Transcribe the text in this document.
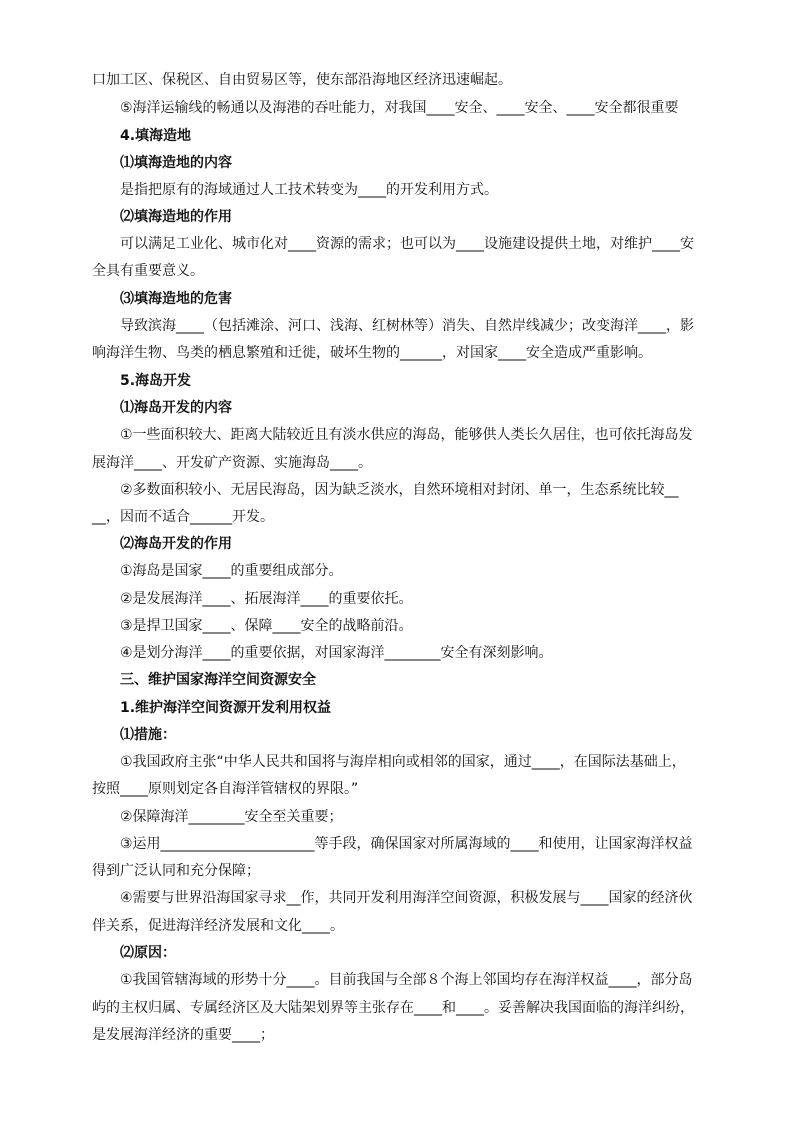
口加工区、保税区、自由贸易区等，使东部沿海地区经济迅速崛起。
⑤海洋运输线的畅通以及海港的吞吐能力，对我国____安全、____安全、____安全都很重要
4.填海造地
⑴填海造地的内容
是指把原有的海域通过人工技术转变为____的开发利用方式。
⑵填海造地的作用
可以满足工业化、城市化对____资源的需求；也可以为____设施建设提供土地，对维护____安
全具有重要意义。
⑶填海造地的危害
导致滨海____（包括滩涂、河口、浅海、红树林等）消失、自然岸线减少；改变海洋____，影
响海洋生物、鸟类的栖息繁殖和迁徙，破坏生物的______，对国家____安全造成严重影响。
5.海岛开发
⑴海岛开发的内容
①一些面积较大、距离大陆较近且有淡水供应的海岛，能够供人类长久居住，也可依托海岛发
展海洋____、开发矿产资源、实施海岛____。
②多数面积较小、无居民海岛，因为缺乏淡水，自然环境相对封闭、单一，生态系统比较__
__，因而不适合______开发。
⑵海岛开发的作用
①海岛是国家____的重要组成部分。
②是发展海洋____、拓展海洋____的重要依托。
③是捍卫国家____、保障____安全的战略前沿。
④是划分海洋____的重要依据，对国家海洋________安全有深刻影响。
三、维护国家海洋空间资源安全
1.维护海洋空间资源开发利用权益
⑴措施：
①我国政府主张“中华人民共和国将与海岸相向或相邻的国家，通过____，在国际法基础上，
按照____原则划定各自海洋管辖权的界限。”
②保障海洋________安全至关重要；
③运用______________________等手段，确保国家对所属海域的____和使用，让国家海洋权益
得到广泛认同和充分保障；
④需要与世界沿海国家寻求__作，共同开发利用海洋空间资源，积极发展与____国家的经济伙
伴关系，促进海洋经济发展和文化____。
⑵原因：
①我国管辖海域的形势十分____。目前我国与全部８个海上邻国均存在海洋权益____，部分岛
屿的主权归属、专属经济区及大陆架划界等主张存在____和____。妥善解决我国面临的海洋纠纷，
是发展海洋经济的重要____；
